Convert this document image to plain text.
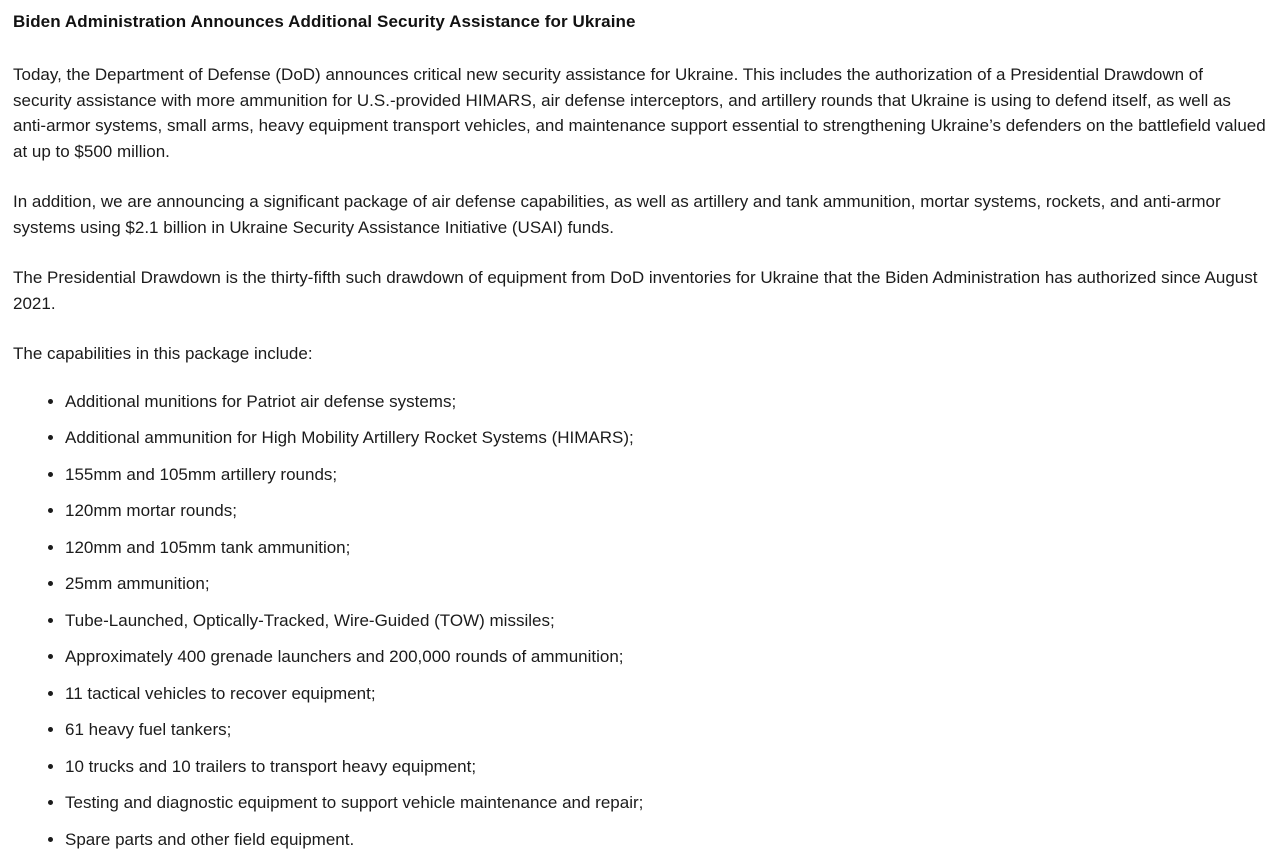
Biden Administration Announces Additional Security Assistance for Ukraine

Today, the Department of Defense (DoD) announces critical new security assistance for Ukraine. This includes the authorization of a Presidential Drawdown of security assistance with more ammunition for U.S.-provided HIMARS, air defense interceptors, and artillery rounds that Ukraine is using to defend itself, as well as anti-armor systems, small arms, heavy equipment transport vehicles, and maintenance support essential to strengthening Ukraine’s defenders on the battlefield valued at up to $500 million.

In addition, we are announcing a significant package of air defense capabilities, as well as artillery and tank ammunition, mortar systems, rockets, and anti-armor systems using $2.1 billion in Ukraine Security Assistance Initiative (USAI) funds.

The Presidential Drawdown is the thirty-fifth such drawdown of equipment from DoD inventories for Ukraine that the Biden Administration has authorized since August 2021.

The capabilities in this package include:

• Additional munitions for Patriot air defense systems;
• Additional ammunition for High Mobility Artillery Rocket Systems (HIMARS);
• 155mm and 105mm artillery rounds;
• 120mm mortar rounds;
• 120mm and 105mm tank ammunition;
• 25mm ammunition;
• Tube-Launched, Optically-Tracked, Wire-Guided (TOW) missiles;
• Approximately 400 grenade launchers and 200,000 rounds of ammunition;
• 11 tactical vehicles to recover equipment;
• 61 heavy fuel tankers;
• 10 trucks and 10 trailers to transport heavy equipment;
• Testing and diagnostic equipment to support vehicle maintenance and repair;
• Spare parts and other field equipment.
